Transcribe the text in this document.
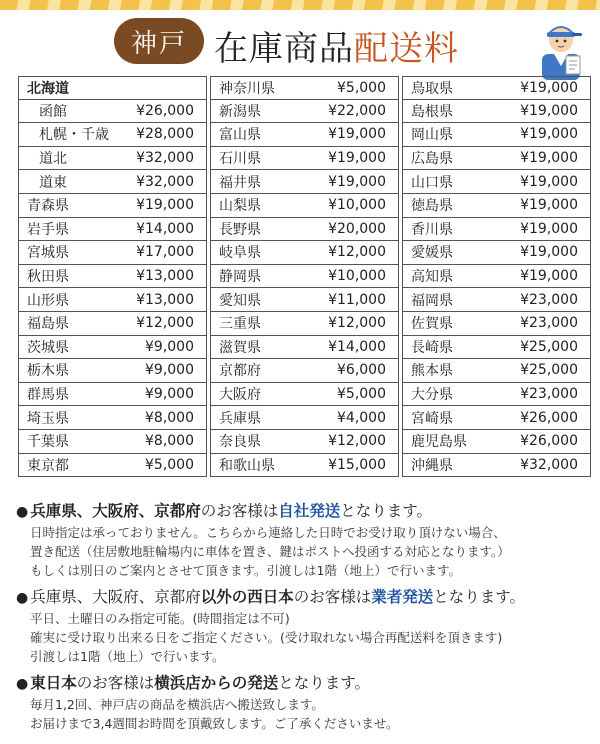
神戸 在庫商品配送料
北海道
函館	¥26,000
札幌・千歳	¥28,000
道北	¥32,000
道東	¥32,000
青森県	¥19,000
岩手県	¥14,000
宮城県	¥17,000
秋田県	¥13,000
山形県	¥13,000
福島県	¥12,000
茨城県	¥9,000
栃木県	¥9,000
群馬県	¥9,000
埼玉県	¥8,000
千葉県	¥8,000
東京都	¥5,000
神奈川県	¥5,000
新潟県	¥22,000
富山県	¥19,000
石川県	¥19,000
福井県	¥19,000
山梨県	¥10,000
長野県	¥20,000
岐阜県	¥12,000
静岡県	¥10,000
愛知県	¥11,000
三重県	¥12,000
滋賀県	¥14,000
京都府	¥6,000
大阪府	¥5,000
兵庫県	¥4,000
奈良県	¥12,000
和歌山県	¥15,000
鳥取県	¥19,000
島根県	¥19,000
岡山県	¥19,000
広島県	¥19,000
山口県	¥19,000
徳島県	¥19,000
香川県	¥19,000
愛媛県	¥19,000
高知県	¥19,000
福岡県	¥23,000
佐賀県	¥23,000
長崎県	¥25,000
熊本県	¥25,000
大分県	¥23,000
宮崎県	¥26,000
鹿児島県	¥26,000
沖縄県	¥32,000
● 兵庫県、大阪府、京都府のお客様は自社発送となります。
日時指定は承っておりません。こちらから連絡した日時でお受け取り頂けない場合、
置き配送（住居敷地駐輪場内に車体を置き、鍵はポストへ投函する対応となります。）
もしくは別日のご案内とさせて頂きます。引渡しは1階（地上）で行います。
● 兵庫県、大阪府、京都府以外の西日本のお客様は業者発送となります。
平日、土曜日のみ指定可能。(時間指定は不可)
確実に受け取り出来る日をご指定ください。(受け取れない場合再配送料を頂きます)
引渡しは1階（地上）で行います。
● 東日本のお客様は横浜店からの発送となります。
毎月1,2回、神戸店の商品を横浜店へ搬送致します。
お届けまで3,4週間お時間を頂戴致します。ご了承くださいませ。
